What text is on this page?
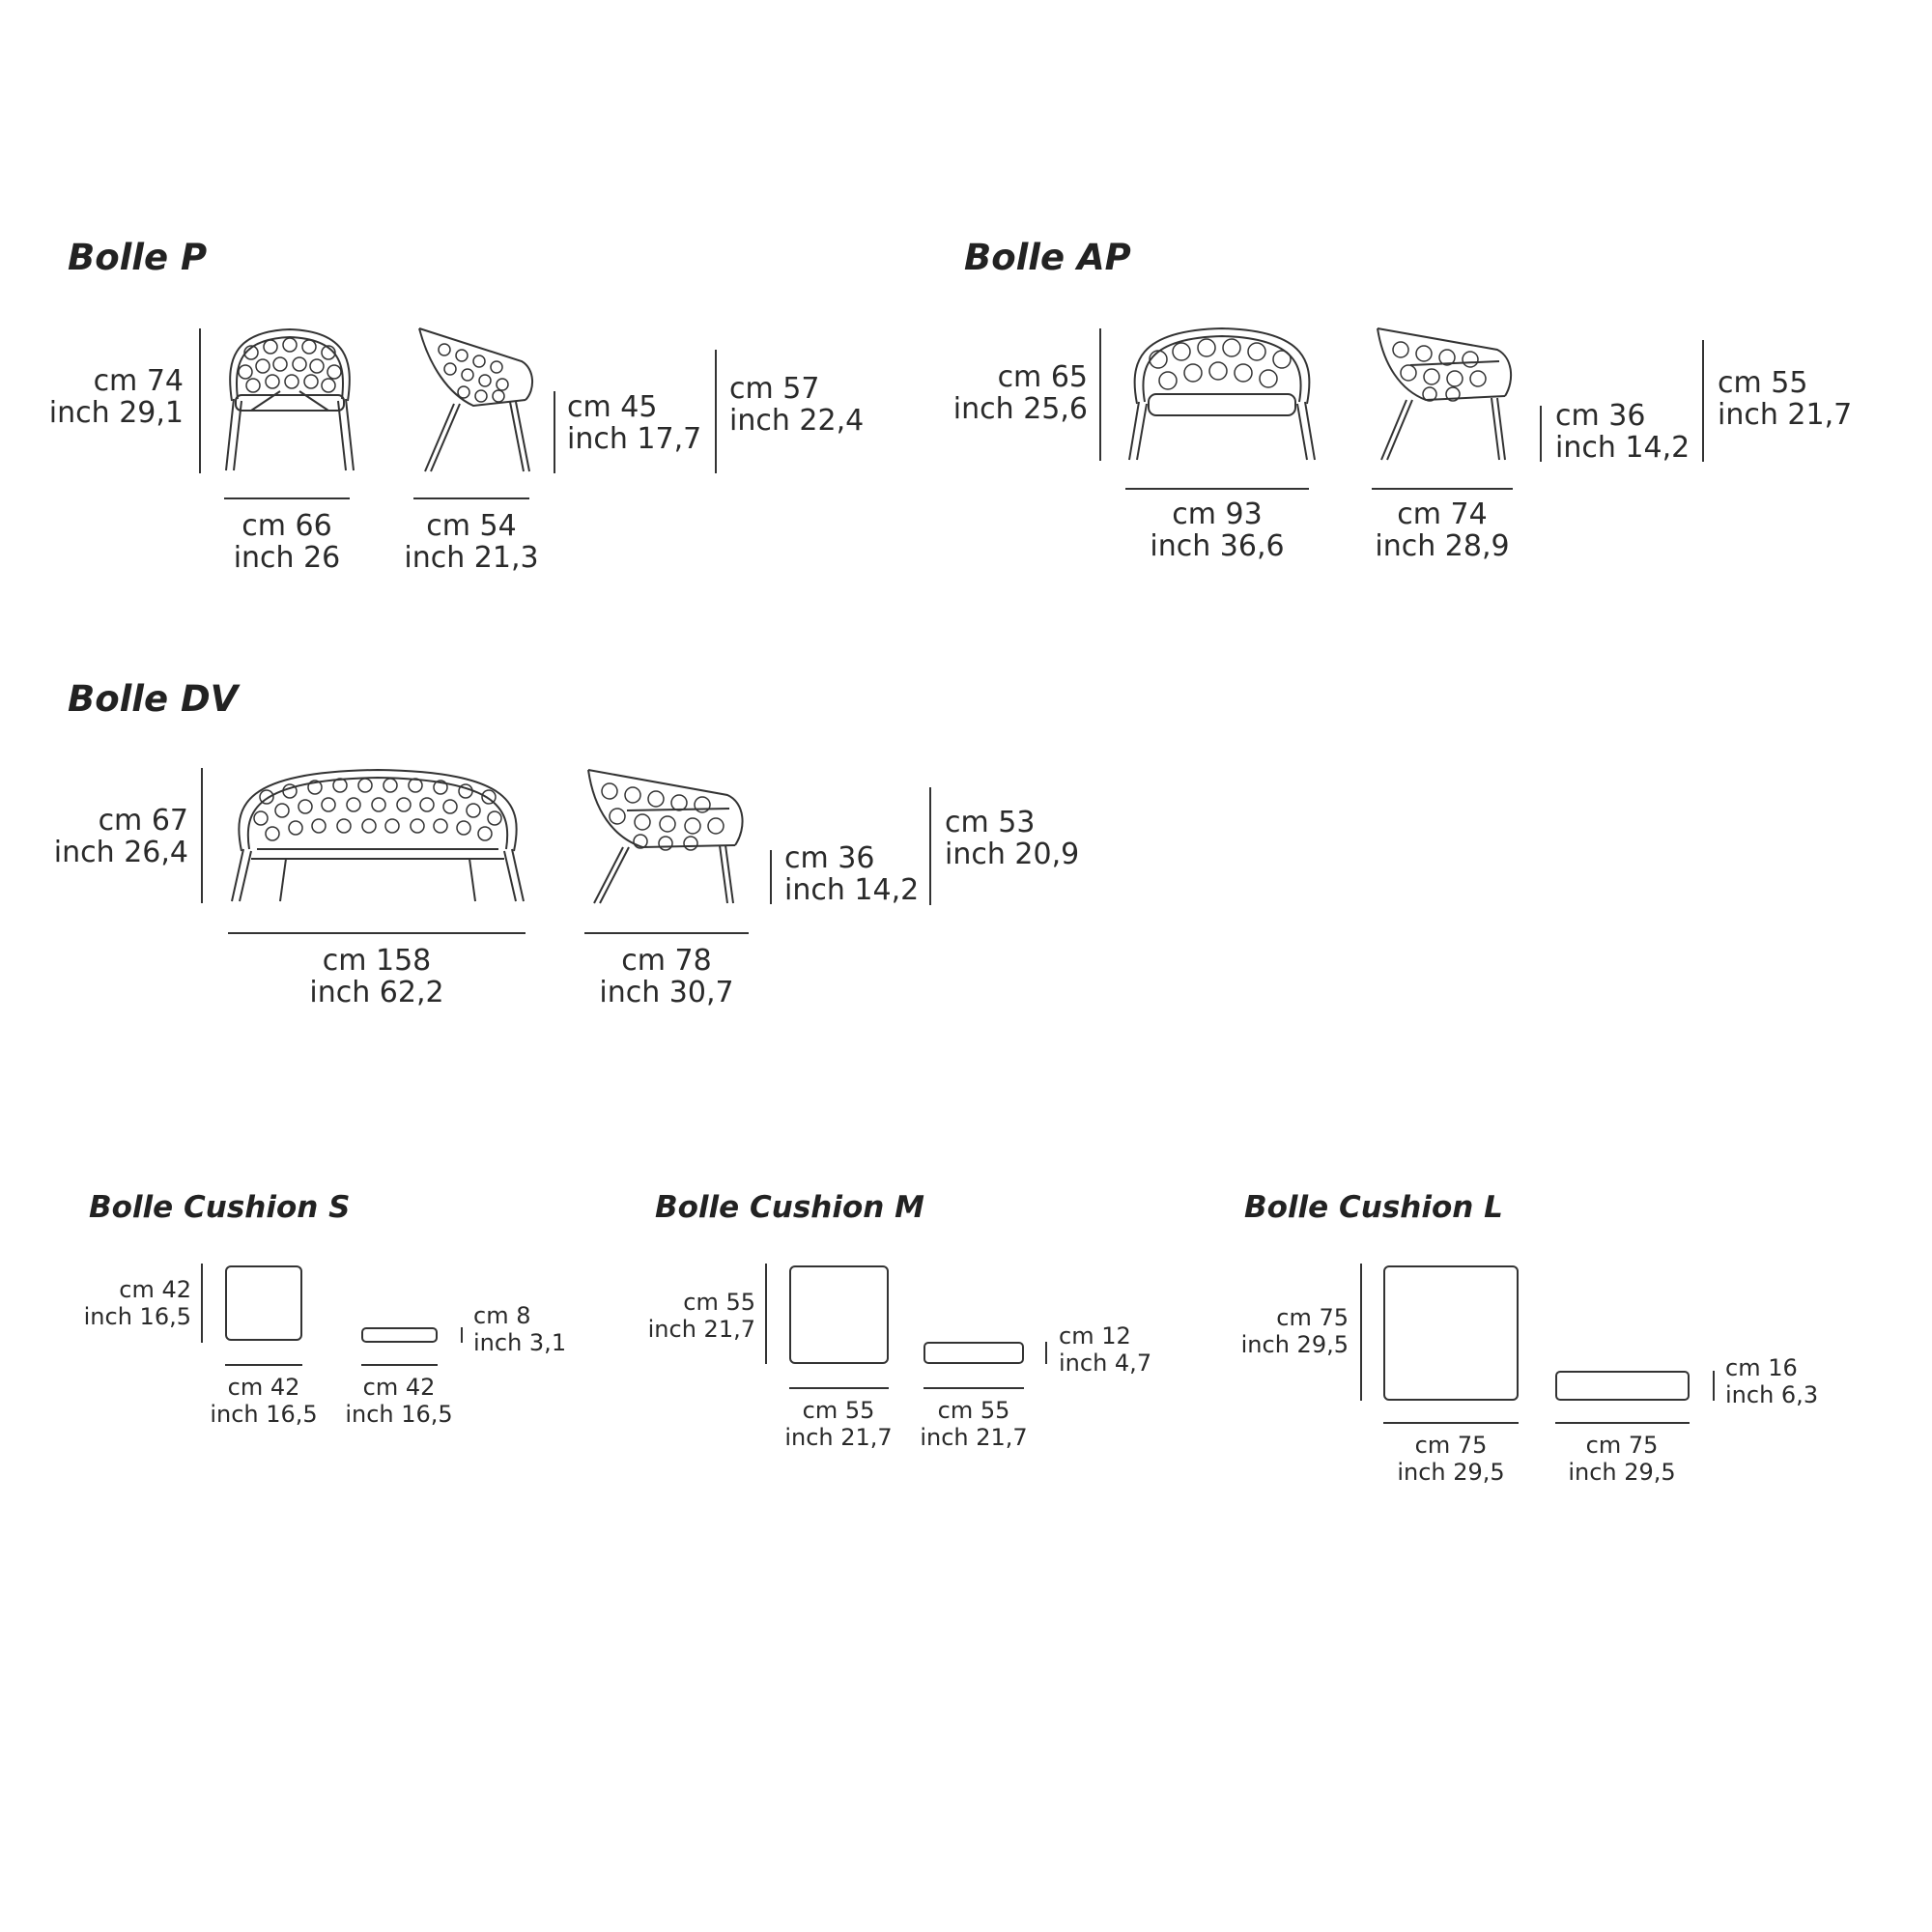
Bolle P
cm 74
inch 29,1
cm 66
inch 26
cm 54
inch 21,3
cm 45
inch 17,7
cm 57
inch 22,4
Bolle AP
cm 65
inch 25,6
cm 93
inch 36,6
cm 74
inch 28,9
cm 36
inch 14,2
cm 55
inch 21,7
Bolle DV
cm 67
inch 26,4
cm 158
inch 62,2
cm 78
inch 30,7
cm 36
inch 14,2
cm 53
inch 20,9
Bolle Cushion S
cm 42
inch 16,5
cm 42
inch 16,5
cm 42
inch 16,5
cm 8
inch 3,1
Bolle Cushion M
cm 55
inch 21,7
cm 55
inch 21,7
cm 55
inch 21,7
cm 12
inch 4,7
Bolle Cushion L
cm 75
inch 29,5
cm 75
inch 29,5
cm 75
inch 29,5
cm 16
inch 6,3
